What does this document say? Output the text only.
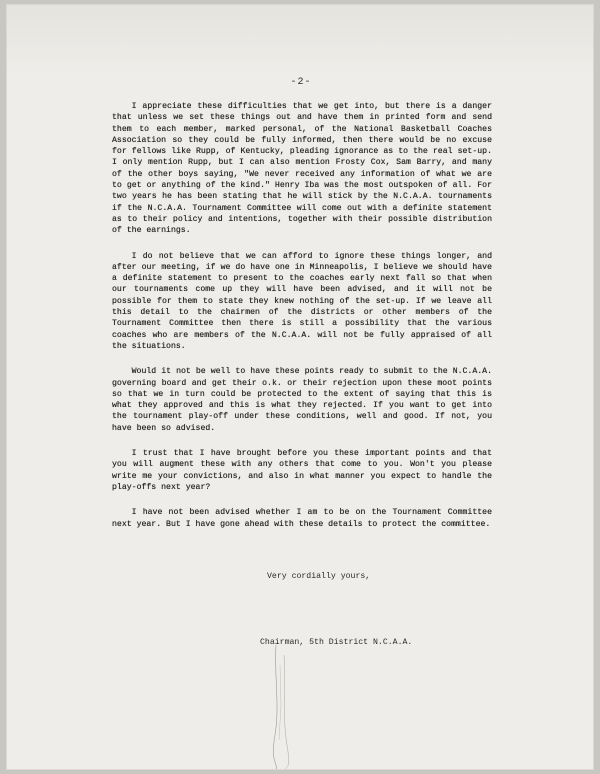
-2-

I appreciate these difficulties that we get into, but there is a danger that unless we set these things out and have them in printed form and send them to each member, marked personal, of the National Basketball Coaches Association so they could be fully informed, then there would be no excuse for fellows like Rupp, of Kentucky, pleading ignorance as to the real set-up. I only mention Rupp, but I can also mention Frosty Cox, Sam Barry, and many of the other boys saying, "We never received any information of what we are to get or anything of the kind." Henry Iba was the most outspoken of all. For two years he has been stating that he will stick by the N.C.A.A. tournaments if the N.C.A.A. Tournament Committee will come out with a definite statement as to their policy and intentions, together with their possible distribution of the earnings.

I do not believe that we can afford to ignore these things longer, and after our meeting, if we do have one in Minneapolis, I believe we should have a definite statement to present to the coaches early next fall so that when our tournaments come up they will have been advised, and it will not be possible for them to state they knew nothing of the set-up. If we leave all this detail to the chairmen of the districts or other members of the Tournament Committee then there is still a possibility that the various coaches who are members of the N.C.A.A. will not be fully appraised of all the situations.

Would it not be well to have these points ready to submit to the N.C.A.A. governing board and get their o.k. or their rejection upon these moot points so that we in turn could be protected to the extent of saying that this is what they approved and this is what they rejected. If you want to get into the tournament play-off under these conditions, well and good. If not, you have been so advised.

I trust that I have brought before you these important points and that you will augment these with any others that come to you. Won't you please write me your convictions, and also in what manner you expect to handle the play-offs next year?

I have not been advised whether I am to be on the Tournament Committee next year. But I have gone ahead with these details to protect the committee.

Very cordially yours,
Chairman, 5th District N.C.A.A.
